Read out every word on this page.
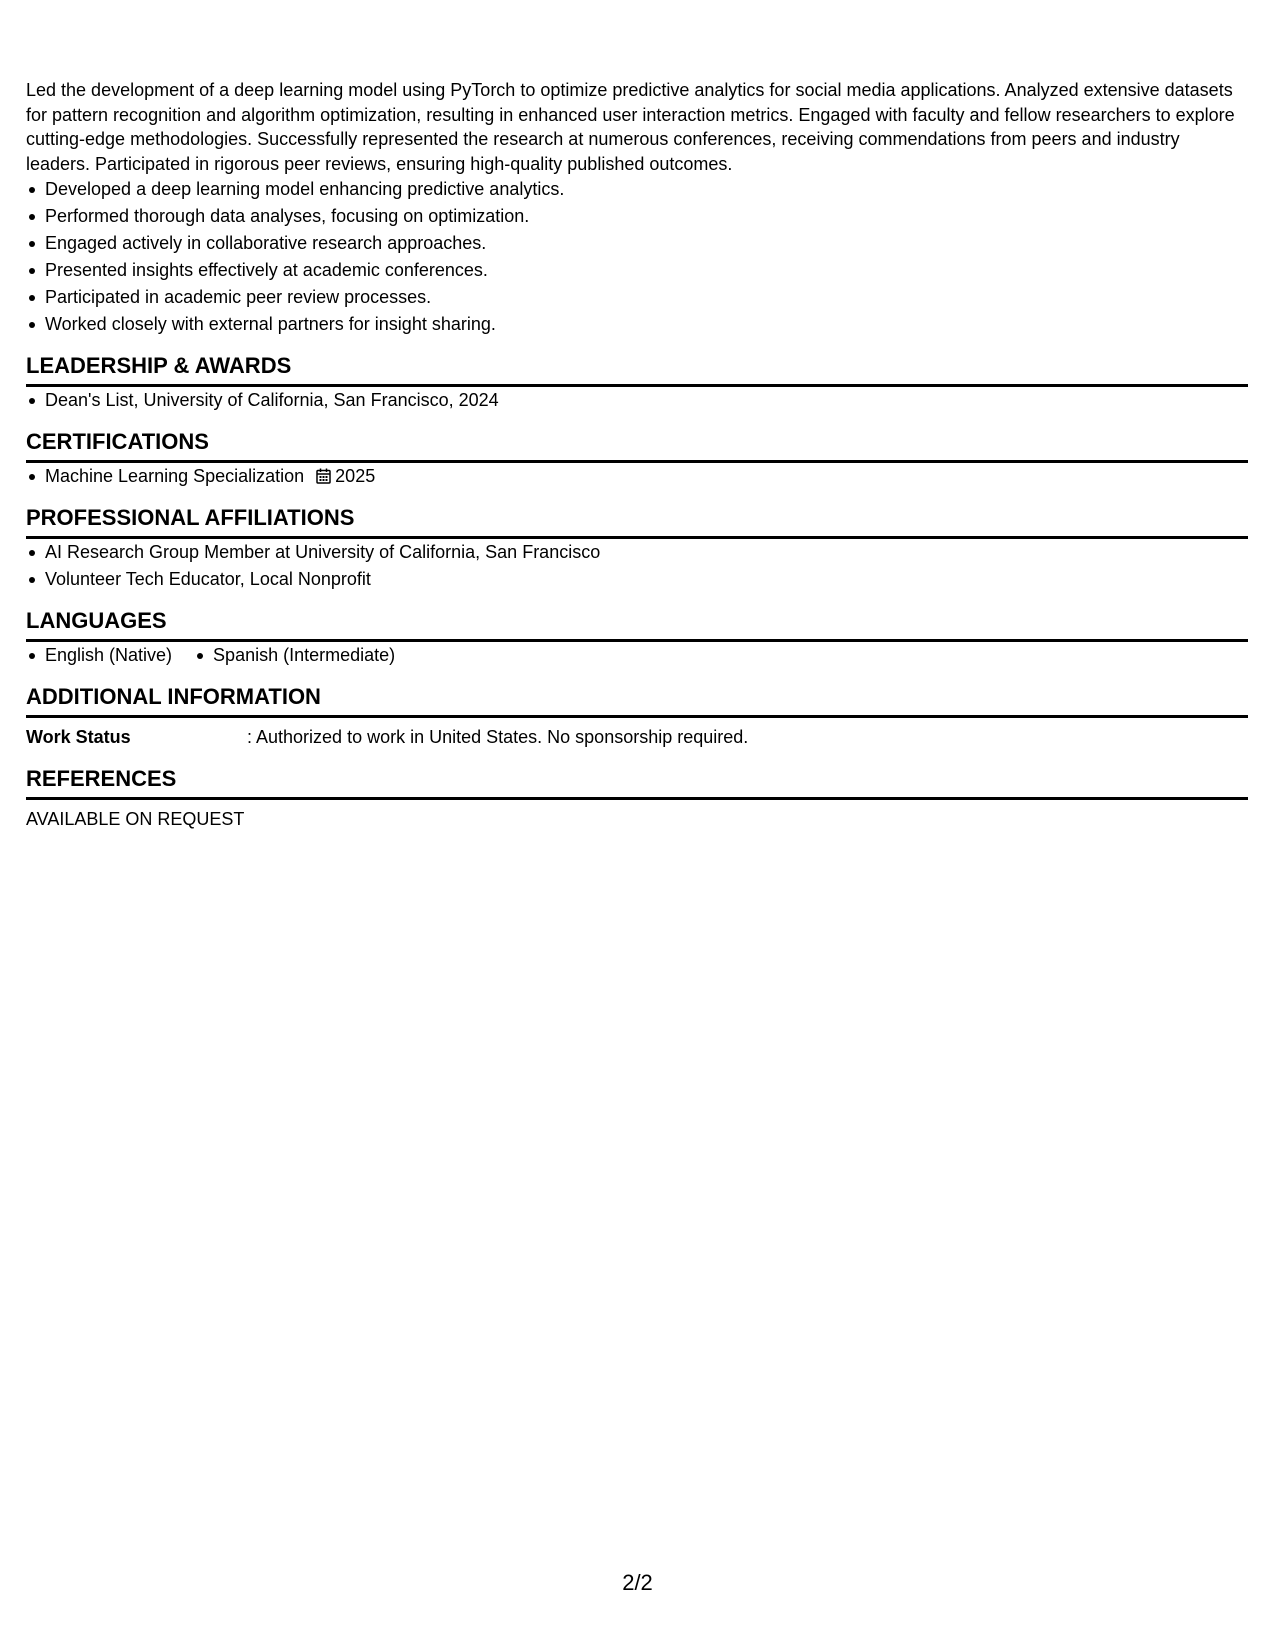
Led the development of a deep learning model using PyTorch to optimize predictive analytics for social media applications. Analyzed extensive datasets for pattern recognition and algorithm optimization, resulting in enhanced user interaction metrics. Engaged with faculty and fellow researchers to explore cutting-edge methodologies. Successfully represented the research at numerous conferences, receiving commendations from peers and industry leaders. Participated in rigorous peer reviews, ensuring high-quality published outcomes.

Developed a deep learning model enhancing predictive analytics.
Performed thorough data analyses, focusing on optimization.
Engaged actively in collaborative research approaches.
Presented insights effectively at academic conferences.
Participated in academic peer review processes.
Worked closely with external partners for insight sharing.
LEADERSHIP & AWARDS
Dean's List, University of California, San Francisco, 2024
CERTIFICATIONS
Machine Learning Specialization 2025
PROFESSIONAL AFFILIATIONS
AI Research Group Member at University of California, San Francisco
Volunteer Tech Educator, Local Nonprofit
LANGUAGES
English (Native)	Spanish (Intermediate)
ADDITIONAL INFORMATION
Work Status	: Authorized to work in United States. No sponsorship required.
REFERENCES
AVAILABLE ON REQUEST
2/2
